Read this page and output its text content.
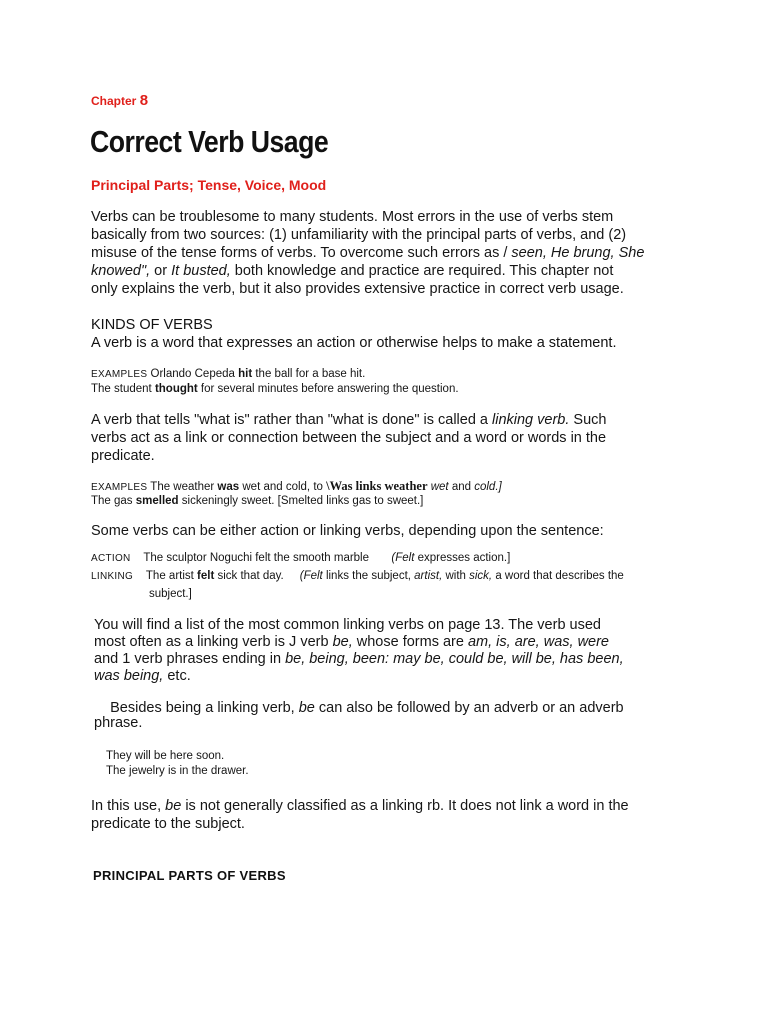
Chapter 8
Correct Verb Usage
Principal Parts; Tense, Voice, Mood
Verbs can be troublesome to many students. Most errors in the use of verbs stem
basically from two sources: (1) unfamiliarity with the principal parts of verbs, and (2)
misuse of the tense forms of verbs. To overcome such errors as / seen, He brung, She
knowed", or It busted, both knowledge and practice are required. This chapter not
only explains the verb, but it also provides extensive practice in correct verb usage.
KINDS OF VERBS
A verb is a word that expresses an action or otherwise helps to make a statement.
EXAMPLES Orlando Cepeda hit the ball for a base hit.
The student thought for several minutes before answering the question.
A verb that tells "what is" rather than "what is done" is called a linking verb. Such
verbs act as a link or connection between the subject and a word or words in the
predicate.
EXAMPLES The weather was wet and cold, to \Was links weather wet and cold.]
The gas smelled sickeningly sweet. [Smelted links gas to sweet.]
Some verbs can be either action or linking verbs, depending upon the sentence:
ACTION The sculptor Noguchi felt the smooth marble (Felt expresses action.]
LINKING The artist felt sick that day. (Felt links the subject, artist, with sick, a word that describes the
subject.]
You will find a list of the most common linking verbs on page 13. The verb used
most often as a linking verb is J verb be, whose forms are am, is, are, was, were
and 1 verb phrases ending in be, being, been: may be, could be, will be, has been,
was being, etc.
Besides being a linking verb, be can also be followed by an adverb or an adverb
phrase.
They will be here soon.
The jewelry is in the drawer.
In this use, be is not generally classified as a linking rb. It does not link a word in the
predicate to the subject.
PRINCIPAL PARTS OF VERBS
